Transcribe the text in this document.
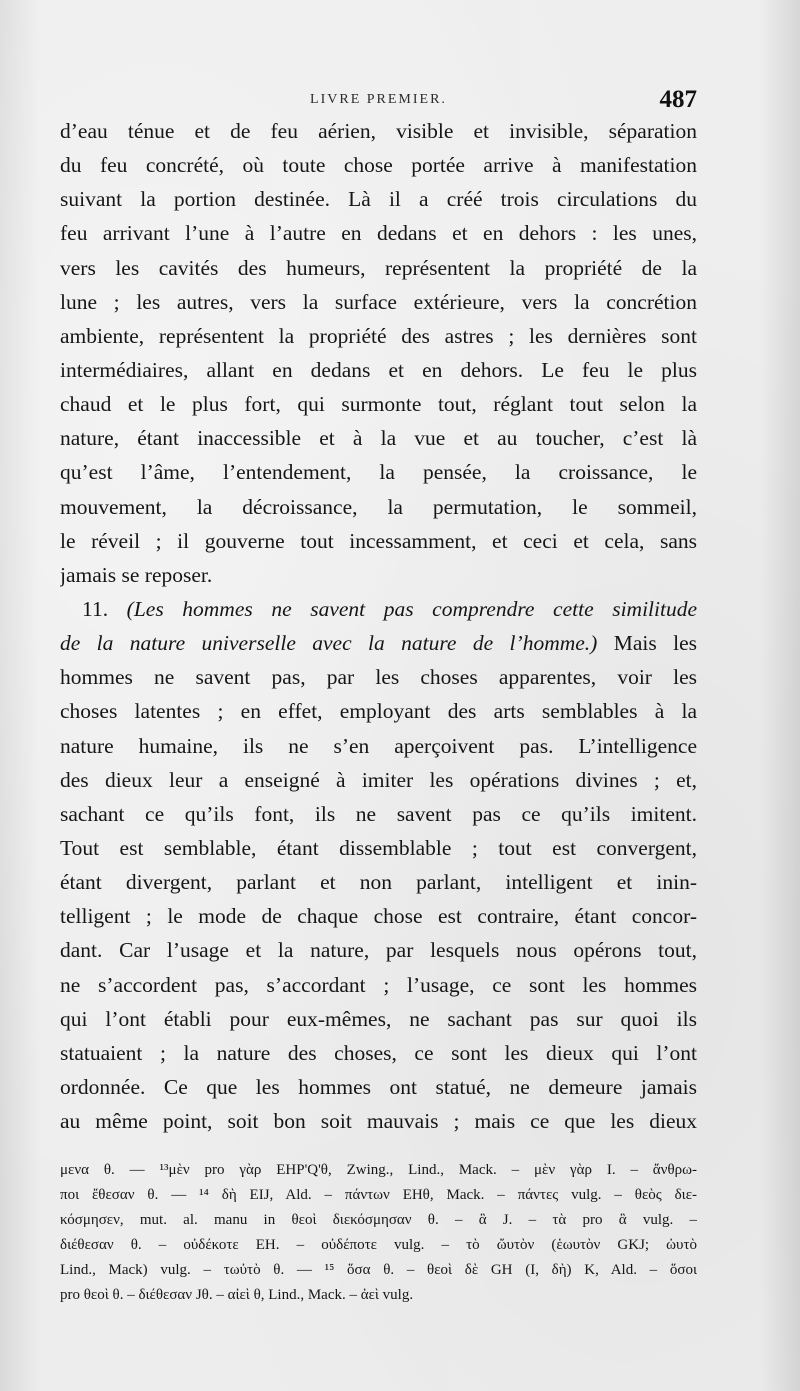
LIVRE PREMIER.	487
d’eau ténue et de feu aérien, visible et invisible, séparation
du feu concrété, où toute chose portée arrive à manifestation
suivant la portion destinée. Là il a créé trois circulations du
feu arrivant l’une à l’autre en dedans et en dehors : les unes,
vers les cavités des humeurs, représentent la propriété de la
lune ; les autres, vers la surface extérieure, vers la concrétion
ambiente, représentent la propriété des astres ; les dernières sont
intermédiaires, allant en dedans et en dehors. Le feu le plus
chaud et le plus fort, qui surmonte tout, réglant tout selon la
nature, étant inaccessible et à la vue et au toucher, c’est là
qu’est l’âme, l’entendement, la pensée, la croissance, le
mouvement, la décroissance, la permutation, le sommeil,
le réveil ; il gouverne tout incessamment, et ceci et cela, sans
jamais se reposer.
11. (Les hommes ne savent pas comprendre cette similitude
de la nature universelle avec la nature de l’homme.) Mais les
hommes ne savent pas, par les choses apparentes, voir les
choses latentes ; en effet, employant des arts semblables à la
nature humaine, ils ne s’en aperçoivent pas. L’intelligence
des dieux leur a enseigné à imiter les opérations divines ; et,
sachant ce qu’ils font, ils ne savent pas ce qu’ils imitent.
Tout est semblable, étant dissemblable ; tout est convergent,
étant divergent, parlant et non parlant, intelligent et inin-
telligent ; le mode de chaque chose est contraire, étant concor-
dant. Car l’usage et la nature, par lesquels nous opérons tout,
ne s’accordent pas, s’accordant ; l’usage, ce sont les hommes
qui l’ont établi pour eux-mêmes, ne sachant pas sur quoi ils
statuaient ; la nature des choses, ce sont les dieux qui l’ont
ordonnée. Ce que les hommes ont statué, ne demeure jamais
au même point, soit bon soit mauvais ; mais ce que les dieux
μενα θ. — ¹³μὲν pro γὰρ EHP'Q'θ, Zwing., Lind., Mack. – μὲν γὰρ I. – ἄνθρω-
ποι ἔθεσαν θ. — ¹⁴ δὴ EIJ, Ald. – πάντων EHθ, Mack. – πάντες vulg. – θεὸς διε-
κόσμησεν, mut. al. manu in θεοὶ διεκόσμησαν θ. – ἃ J. – τὰ pro ἃ vulg. –
διέθεσαν θ. – οὐδέκοτε EH. – οὐδέποτε vulg. – τὸ ὤυτὸν (ἑωυτὸν GKJ; ὠυτὸ
Lind., Mack) vulg. – τωὐτὸ θ. — ¹⁵ ὅσα θ. – θεοὶ δὲ GH (I, δὴ) K, Ald. – ὅσοι
pro θεοὶ θ. – διέθεσαν Jθ. – αἰεὶ θ, Lind., Mack. – ἀεὶ vulg.
